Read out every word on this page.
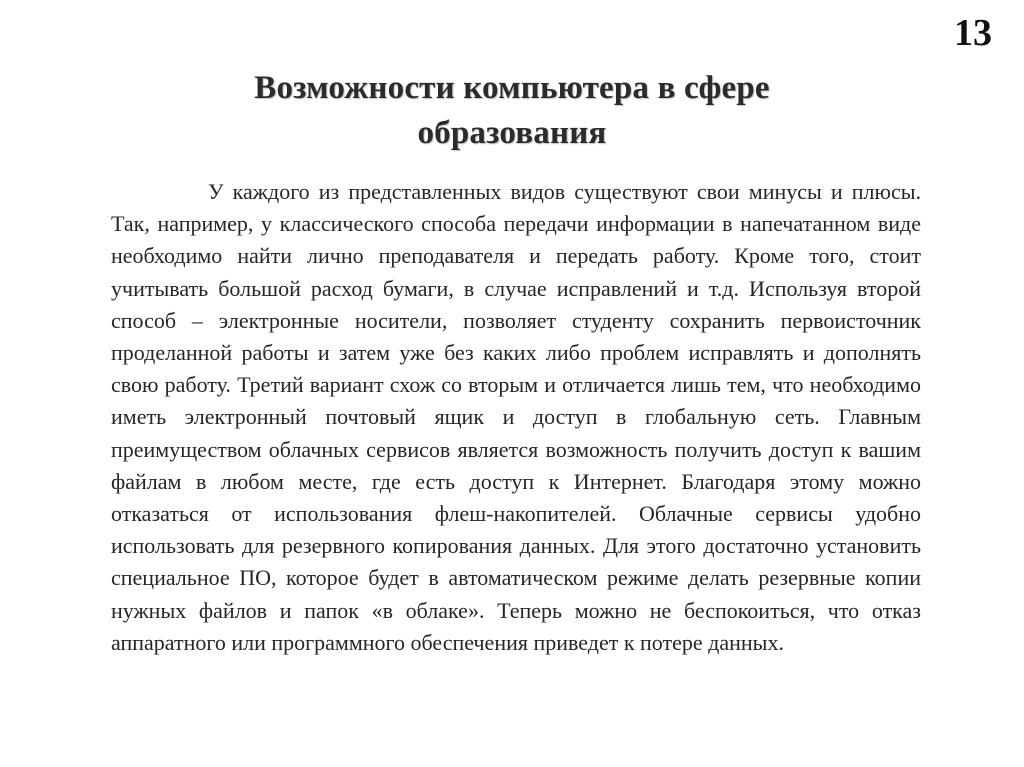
13
Возможности компьютера в сфере
образования

У каждого из представленных видов существуют свои минусы и плюсы. Так, например, у классического способа передачи информации в напечатанном виде необходимо найти лично преподавателя и передать работу. Кроме того, стоит учитывать большой расход бумаги, в случае исправлений и т.д. Используя второй способ – электронные носители, позволяет студенту сохранить первоисточник проделанной работы и затем уже без каких либо проблем исправлять и дополнять свою работу. Третий вариант схож со вторым и отличается лишь тем, что необходимо иметь электронный почтовый ящик и доступ в глобальную сеть. Главным преимуществом облачных сервисов является возможность получить доступ к вашим файлам в любом месте, где есть доступ к Интернет. Благодаря этому можно отказаться от использования флеш-накопителей. Облачные сервисы удобно использовать для резервного копирования данных. Для этого достаточно установить специальное ПО, которое будет в автоматическом режиме делать резервные копии нужных файлов и папок «в облаке». Теперь можно не беспокоиться, что отказ аппаратного или программного обеспечения приведет к потере данных.
